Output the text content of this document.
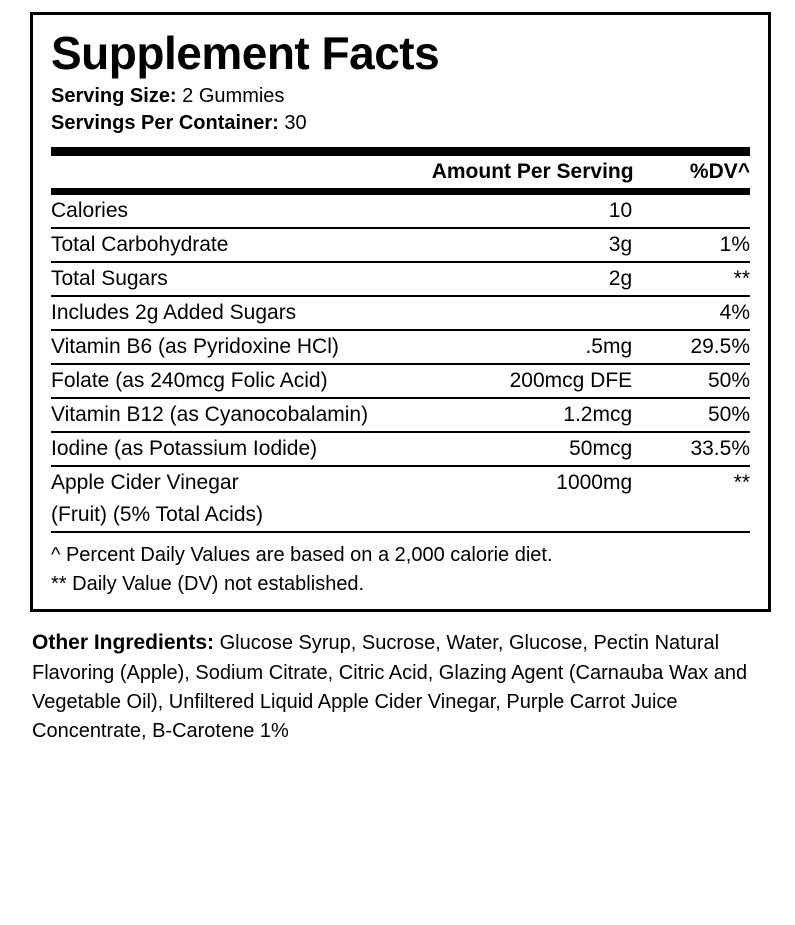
Supplement Facts

Serving Size: 2 Gummies

Servings Per Container: 30

	Amount Per Serving	%DV^
Calories	10	
Total Carbohydrate	3g	1%
Total Sugars	2g	**
Includes 2g Added Sugars		4%
Vitamin B6 (as Pyridoxine HCl)	.5mg	29.5%
Folate (as 240mcg Folic Acid)	200mcg DFE	50%
Vitamin B12 (as Cyanocobalamin)	1.2mcg	50%
Iodine (as Potassium Iodide)	50mcg	33.5%
Apple Cider Vinegar	1000mg	**
(Fruit) (5% Total Acids)		
^ Percent Daily Values are based on a 2,000 calorie diet.
** Daily Value (DV) not established.
Other Ingredients: Glucose Syrup, Sucrose, Water, Glucose, Pectin Natural Flavoring (Apple), Sodium Citrate, Citric Acid, Glazing Agent (Carnauba Wax and Vegetable Oil), Unfiltered Liquid Apple Cider Vinegar, Purple Carrot Juice Concentrate, B-Carotene 1%
